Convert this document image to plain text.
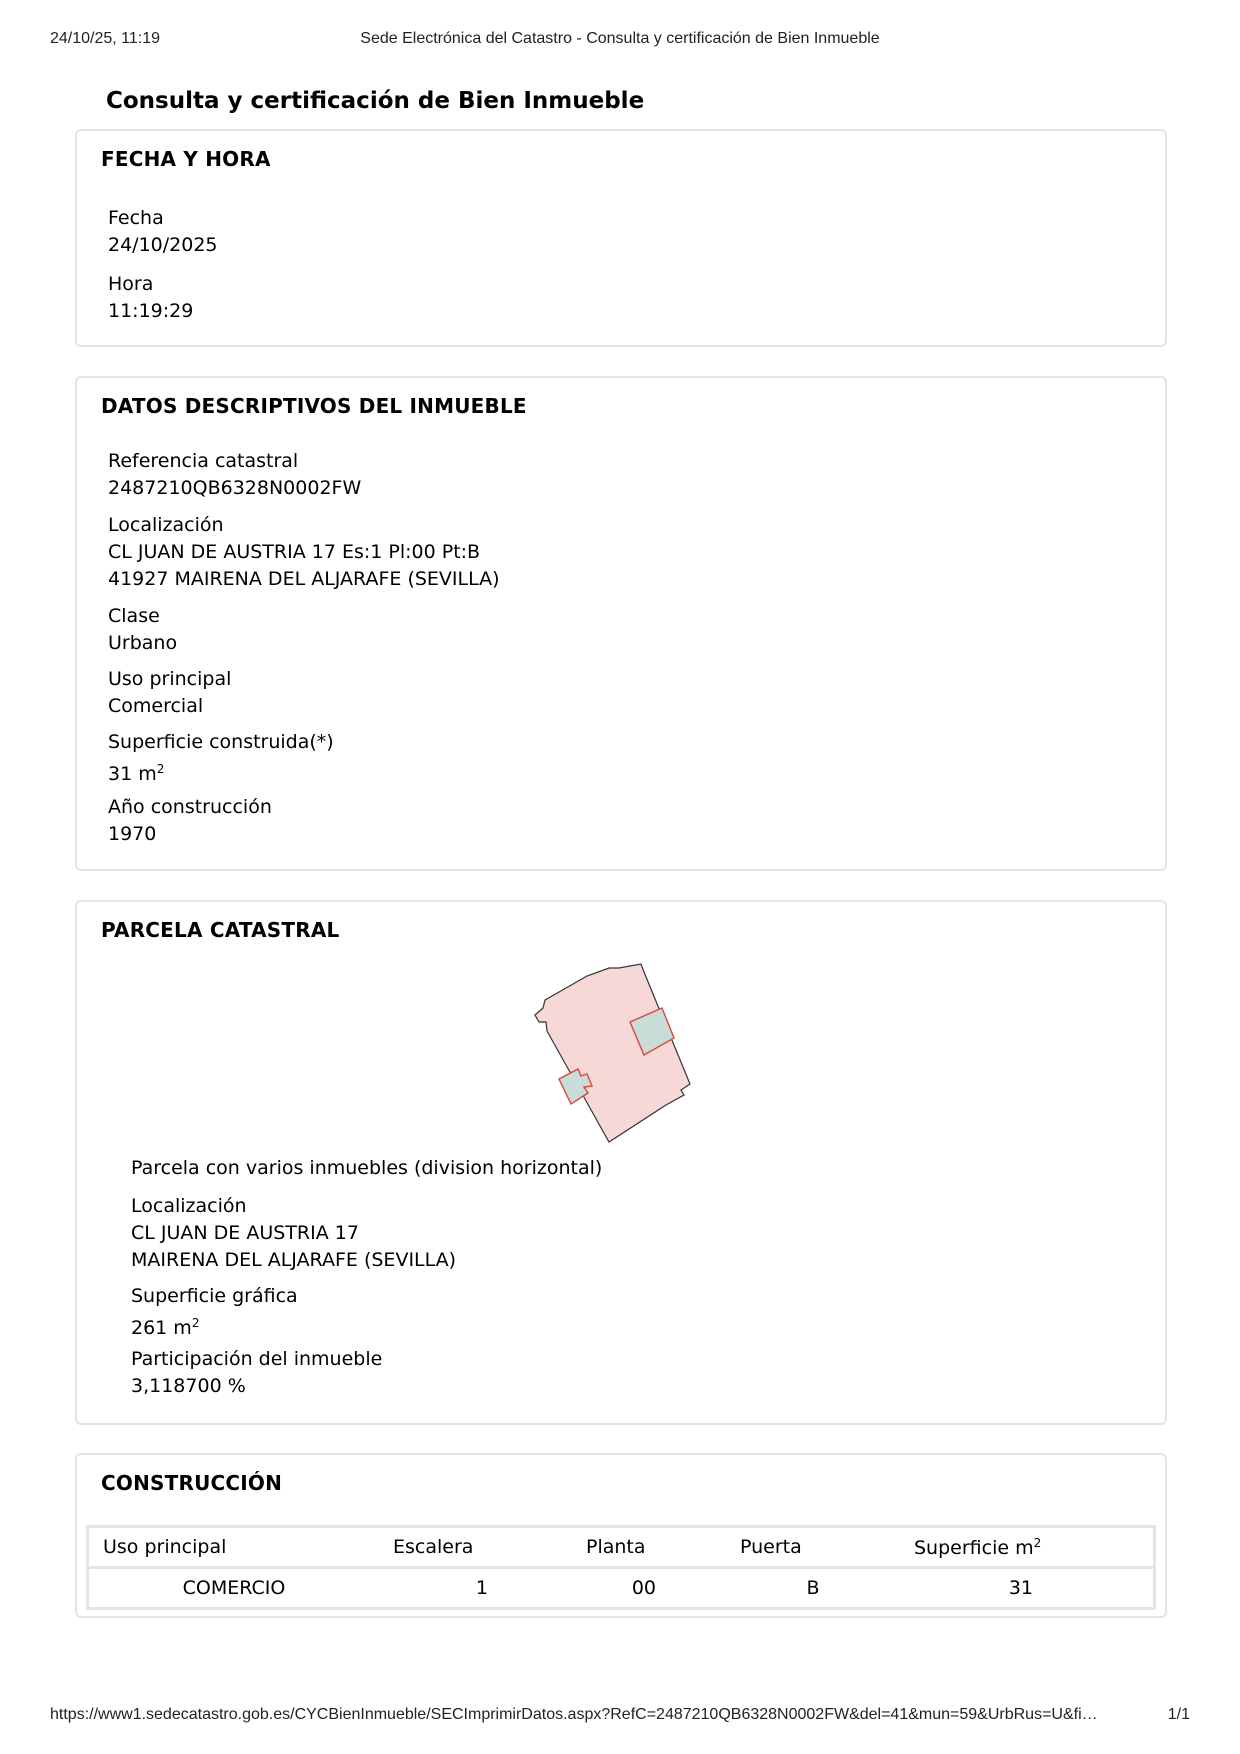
24/10/25, 11:19	Sede Electrónica del Catastro - Consulta y certificación de Bien Inmueble
Consulta y certificación de Bien Inmueble
FECHA Y HORA
Fecha
24/10/2025
Hora
11:19:29
DATOS DESCRIPTIVOS DEL INMUEBLE
Referencia catastral
2487210QB6328N0002FW
Localización
CL JUAN DE AUSTRIA 17 Es:1 Pl:00 Pt:B
41927 MAIRENA DEL ALJARAFE (SEVILLA)
Clase
Urbano
Uso principal
Comercial
Superficie construida(*)
31 $m^2$
Año construcción
1970
PARCELA CATASTRAL
Parcela con varios inmuebles (division horizontal)
Localización
CL JUAN DE AUSTRIA 17
MAIRENA DEL ALJARAFE (SEVILLA)
Superficie gráfica
261 $m^2$
Participación del inmueble
3,118700 %
CONSTRUCCIÓN
Uso principal	Escalera	Planta	Puerta	Superficie $m^2$
COMERCIO	1	00	B	31
https://www1.sedecatastro.gob.es/CYCBienInmueble/SECImprimirDatos.aspx?RefC=2487210QB6328N0002FW&del=41&mun=59&UrbRus=U&fi…	1/1
